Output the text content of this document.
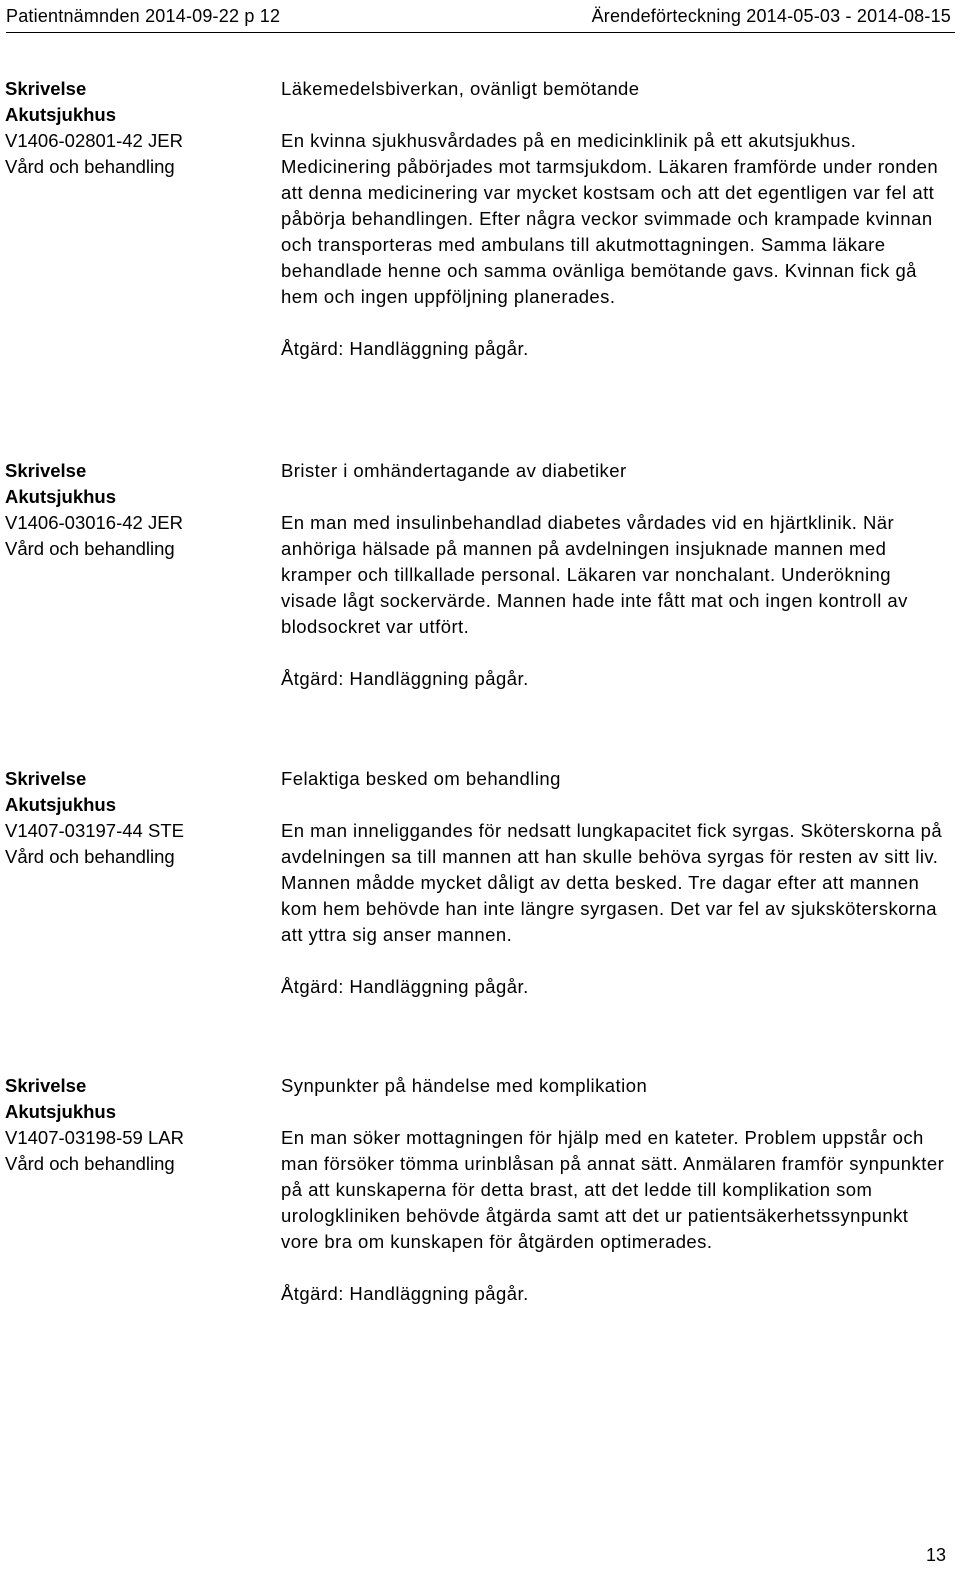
Patientnämnden 2014-09-22 p 12	Ärendeförteckning 2014-05-03 - 2014-08-15
Skrivelse
Akutsjukhus
V1406-02801-42 JER
Vård och behandling

Läkemedelsbiverkan, ovänligt bemötande

En kvinna sjukhusvårdades på en medicinklinik på ett akutsjukhus. Medicinering påbörjades mot tarmsjukdom. Läkaren framförde under ronden att denna medicinering var mycket kostsam och att det egentligen var fel att påbörja behandlingen. Efter några veckor svimmade och krampade kvinnan och transporteras med ambulans till akutmottagningen. Samma läkare behandlade henne och samma ovänliga bemötande gavs. Kvinnan fick gå hem och ingen uppföljning planerades.

Åtgärd: Handläggning pågår.

Skrivelse
Akutsjukhus
V1406-03016-42 JER
Vård och behandling

Brister i omhändertagande av diabetiker

En man med insulinbehandlad diabetes vårdades vid en hjärtklinik. När anhöriga hälsade på mannen på avdelningen insjuknade mannen med kramper och tillkallade personal. Läkaren var nonchalant. Underökning visade lågt sockervärde. Mannen hade inte fått mat och ingen kontroll av blodsockret var utfört.

Åtgärd: Handläggning pågår.

Skrivelse
Akutsjukhus
V1407-03197-44 STE
Vård och behandling

Felaktiga besked om behandling

En man inneliggandes för nedsatt lungkapacitet fick syrgas. Sköterskorna på avdelningen sa till mannen att han skulle behöva syrgas för resten av sitt liv. Mannen mådde mycket dåligt av detta besked. Tre dagar efter att mannen kom hem behövde han inte längre syrgasen. Det var fel av sjuksköterskorna att yttra sig anser mannen.

Åtgärd: Handläggning pågår.

Skrivelse
Akutsjukhus
V1407-03198-59 LAR
Vård och behandling

Synpunkter på händelse med komplikation

En man söker mottagningen för hjälp med en kateter. Problem uppstår och man försöker tömma urinblåsan på annat sätt. Anmälaren framför synpunkter på att kunskaperna för detta brast, att det ledde till komplikation som urologkliniken behövde åtgärda samt att det ur patientsäkerhetssynpunkt vore bra om kunskapen för åtgärden optimerades.

Åtgärd: Handläggning pågår.

13
